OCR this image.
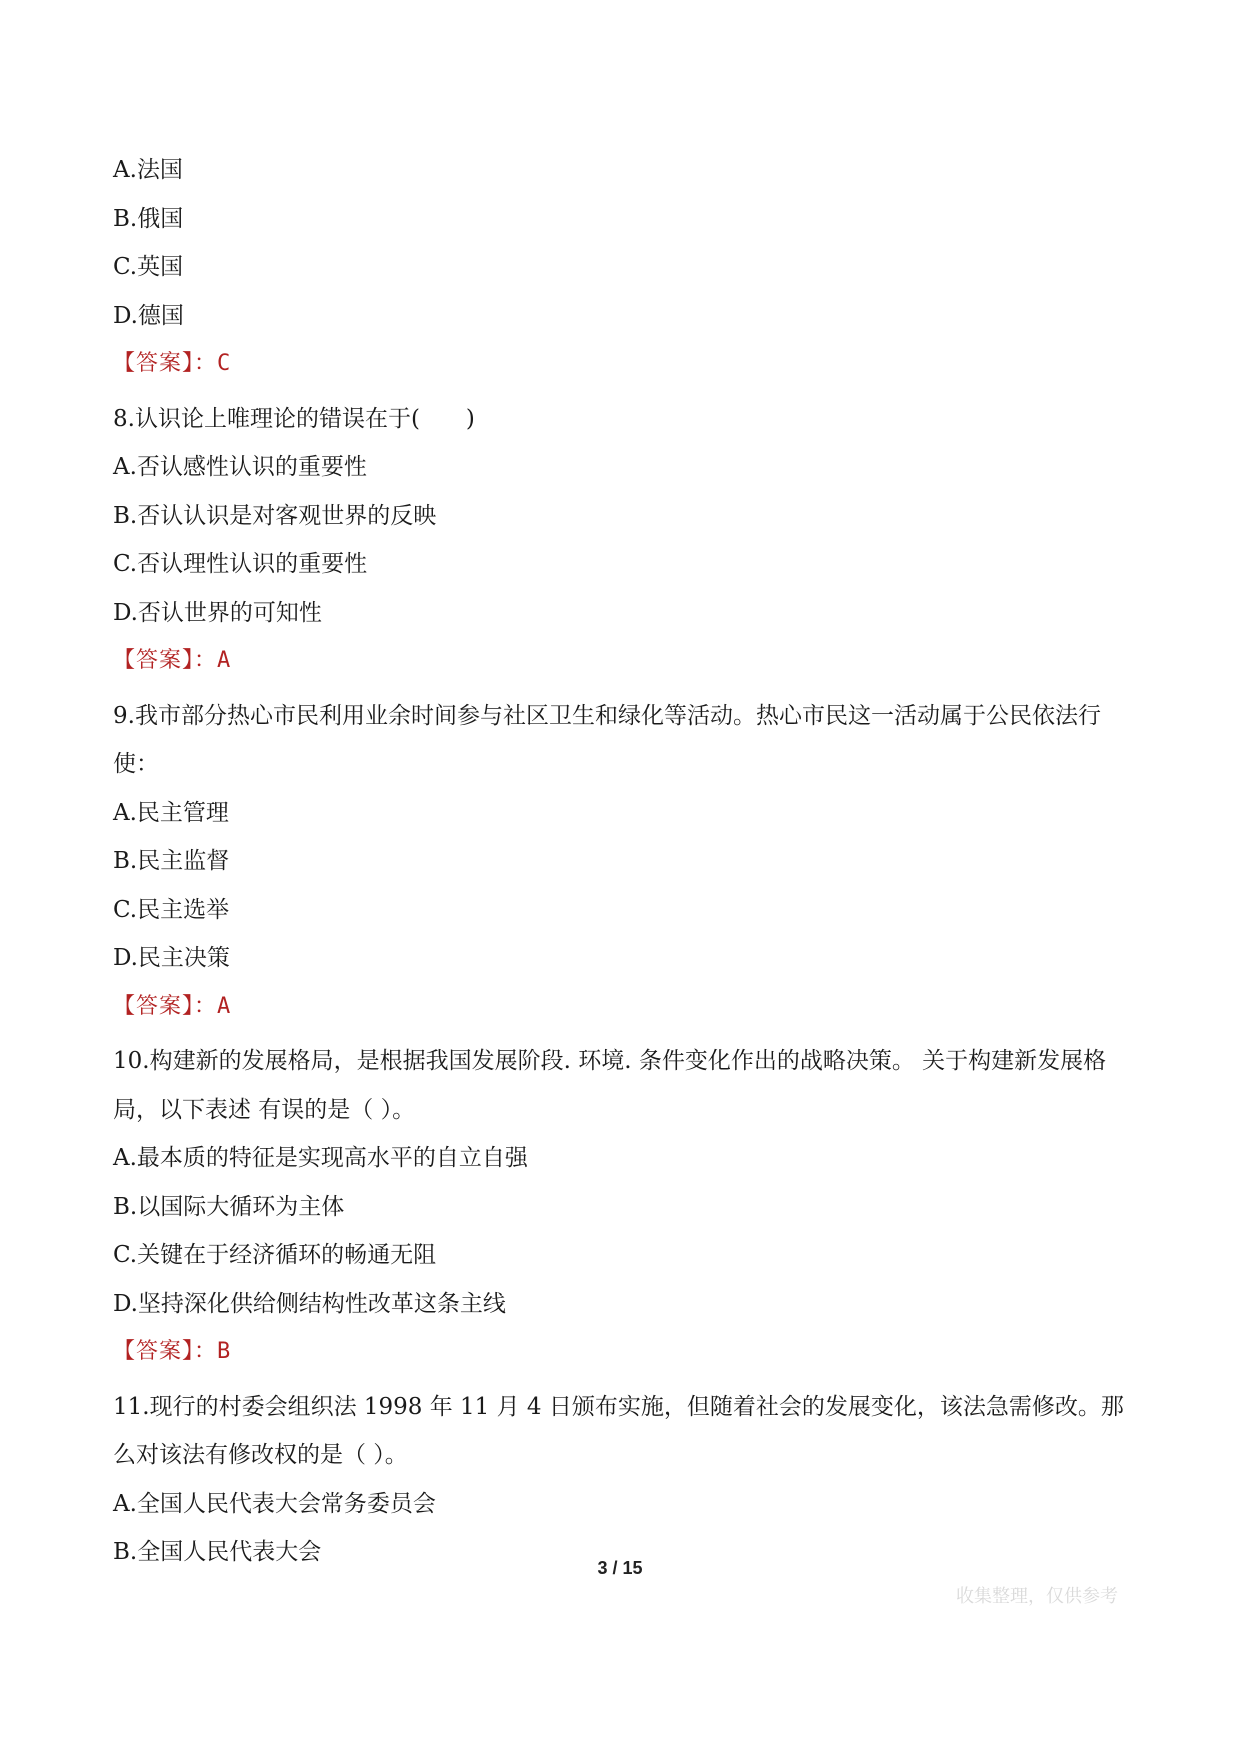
A.法国
B.俄国
C.英国
D.德国
【答案】：C
8.认识论上唯理论的错误在于(　　)
A.否认感性认识的重要性
B.否认认识是对客观世界的反映
C.否认理性认识的重要性
D.否认世界的可知性
【答案】：A
9.我市部分热心市民利用业余时间参与社区卫生和绿化等活动。热心市民这一活动属于公民依法行使：
A.民主管理
B.民主监督
C.民主选举
D.民主决策
【答案】：A
10.构建新的发展格局，是根据我国发展阶段. 环境. 条件变化作出的战略决策。 关于构建新发展格局，以下表述 有误的是（ ）。
A.最本质的特征是实现高水平的自立自强
B.以国际大循环为主体
C.关键在于经济循环的畅通无阻
D.坚持深化供给侧结构性改革这条主线
【答案】：B
11.现行的村委会组织法 1998 年 11 月 4 日颁布实施，但随着社会的发展变化，该法急需修改。那么对该法有修改权的是（ ）。
A.全国人民代表大会常务委员会
B.全国人民代表大会
3 / 15
收集整理，仅供参考
